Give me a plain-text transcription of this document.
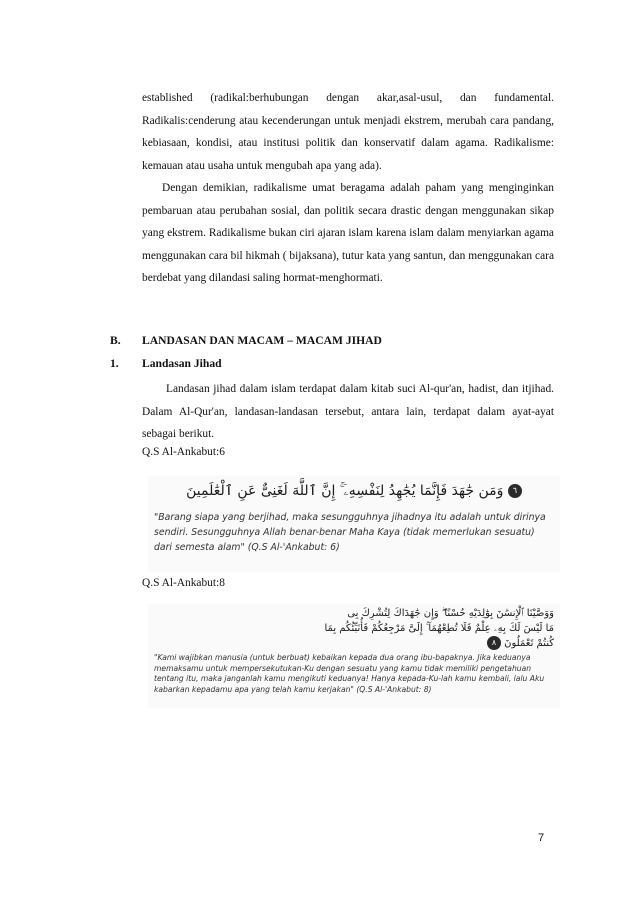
established (radikal:berhubungan dengan akar,asal-usul, dan fundamental. Radikalis:cenderung atau kecenderungan untuk menjadi ekstrem, merubah cara pandang, kebiasaan, kondisi, atau institusi politik dan konservatif dalam agama. Radikalisme: kemauan atau usaha untuk mengubah apa yang ada).

Dengan demikian, radikalisme umat beragama adalah paham yang menginginkan pembaruan atau perubahan sosial, dan politik secara drastic dengan menggunakan sikap yang ekstrem. Radikalisme bukan ciri ajaran islam karena islam dalam menyiarkan agama menggunakan cara bil hikmah ( bijaksana), tutur kata yang santun, dan menggunakan cara berdebat yang dilandasi saling hormat-menghormati.

B. LANDASAN DAN MACAM – MACAM JIHAD

1. Landasan Jihad

Landasan jihad dalam islam terdapat dalam kitab suci Al-qur'an, hadist, dan itjihad. Dalam Al-Qur'an, landasan-landasan tersebut, antara lain, terdapat dalam ayat-ayat sebagai berikut.

Q.S Al-Ankabut:6

٦ وَمَن جَٰهَدَ فَإِنَّمَا يُجَٰهِدُ لِنَفْسِهِۦٓ ۚ إِنَّ ٱللَّهَ لَغَنِىٌّ عَنِ ٱلْعَٰلَمِينَ

"Barang siapa yang berjihad, maka sesungguhnya jihadnya itu adalah untuk dirinya sendiri. Sesungguhnya Allah benar-benar Maha Kaya (tidak memerlukan sesuatu) dari semesta alam" (Q.S Al-'Ankabut: 6)

Q.S Al-Ankabut:8

وَوَصَّيْنَا ٱلْإِنسَٰنَ بِوَٰلِدَيْهِ حُسْنًا ۖ وَإِن جَٰهَدَاكَ لِتُشْرِكَ بِى
مَا لَيْسَ لَكَ بِهِۦ عِلْمٌ فَلَا تُطِعْهُمَآ ۚ إِلَىَّ مَرْجِعُكُمْ فَأُنَبِّئُكُم بِمَا
كُنتُمْ تَعْمَلُونَ ٨

"Kami wajibkan manusia (untuk berbuat) kebaikan kepada dua orang ibu-bapaknya. Jika keduanya memaksamu untuk mempersekutukan-Ku dengan sesuatu yang kamu tidak memiliki pengetahuan tentang itu, maka janganlah kamu mengikuti keduanya! Hanya kepada-Ku-lah kamu kembali, lalu Aku kabarkan kepadamu apa yang telah kamu kerjakan" (Q.S Al-'Ankabut: 8)

7
